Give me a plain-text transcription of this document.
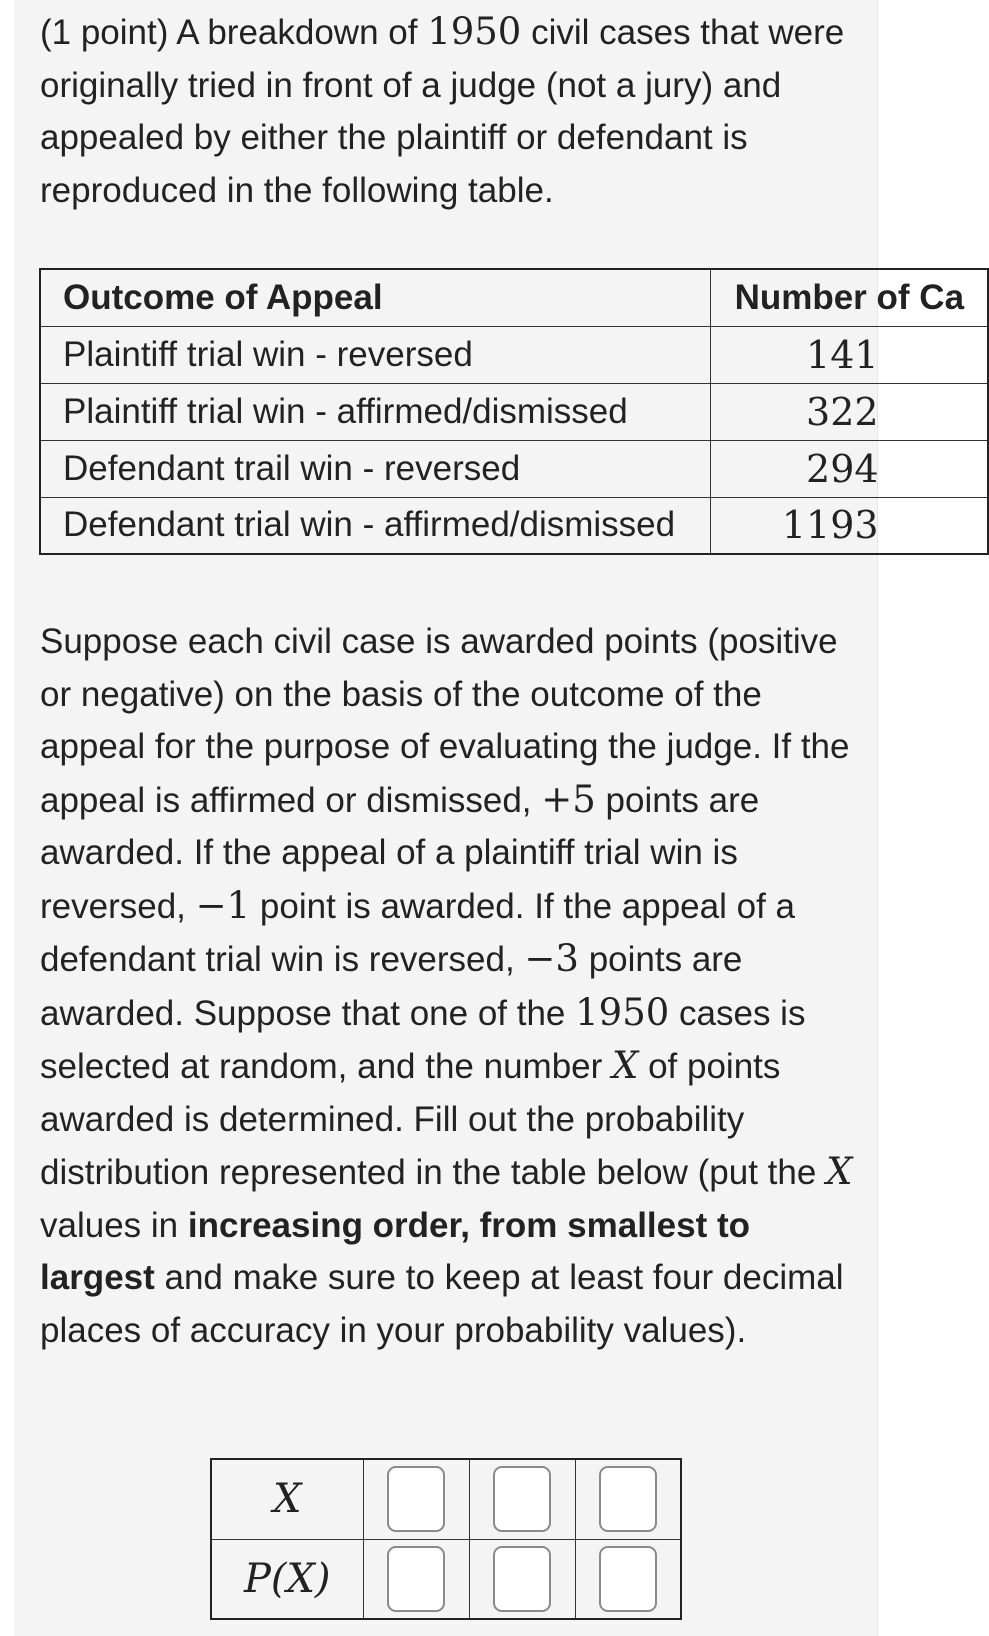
(1 point) A breakdown of 1950 civil cases that were originally tried in front of a judge (not a jury) and appealed by either the plaintiff or defendant is reproduced in the following table.

Outcome of Appeal	Number of Ca
Plaintiff trial win - reversed	141

Plaintiff trial win - affirmed/dismissed	322

Defendant trail win - reversed	294

Defendant trial win - affirmed/dismissed	1193

Suppose each civil case is awarded points (positive or negative) on the basis of the outcome of the appeal for the purpose of evaluating the judge. If the appeal is affirmed or dismissed, +5 points are awarded. If the appeal of a plaintiff trial win is reversed, −1 point is awarded. If the appeal of a defendant trial win is reversed, −3 points are awarded. Suppose that one of the 1950 cases is selected at random, and the number X of points awarded is determined. Fill out the probability distribution represented in the table below (put the X values in increasing order, from smallest to largest and make sure to keep at least four decimal places of accuracy in your probability values).

X			
P(X)			
